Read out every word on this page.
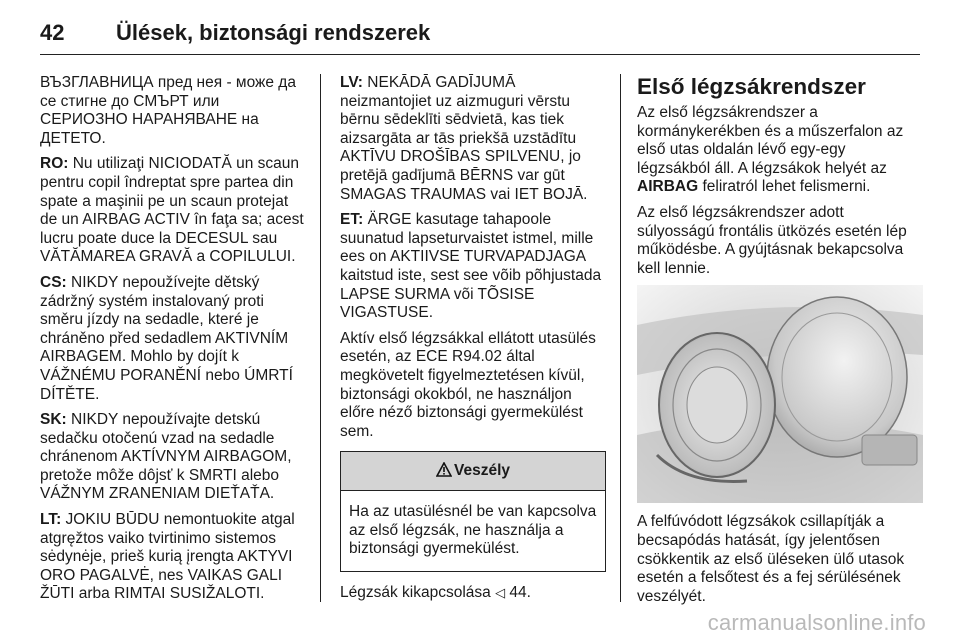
42 Ülések, biztonsági rendszerek

ВЪЗГЛАВНИЦА пред нея - може да се стигне до СМЪРТ или СЕРИОЗНО НАРАНЯВАНЕ на ДЕТЕТО.

RO: Nu utilizaţi NICIODATĂ un scaun pentru copil îndreptat spre partea din spate a maşinii pe un scaun protejat de un AIRBAG ACTIV în faţa sa; acest lucru poate duce la DECESUL sau VĂTĂMAREA GRAVĂ a COPILULUI.

CS: NIKDY nepoužívejte dětský zádržný systém instalovaný proti směru jízdy na sedadle, které je chráněno před sedadlem AKTIVNÍM AIRBAGEM. Mohlo by dojít k VÁŽNÉMU PORANĚNÍ nebo ÚMRTÍ DÍTĚTE.

SK: NIKDY nepoužívajte detskú sedačku otočenú vzad na sedadle chránenom AKTÍVNYM AIRBAGOM, pretože môže dôjsť k SMRTI alebo VÁŽNYM ZRANENIAM DIEŤAŤA.

LT: JOKIU BŪDU nemontuokite atgal atgręžtos vaiko tvirtinimo sistemos sėdynėje, prieš kurią įrengta AKTYVI ORO PAGALVĖ, nes VAIKAS GALI ŽŪTI arba RIMTAI SUSIŽALOTI.

LV: NEKĀDĀ GADĪJUMĀ neizmantojiet uz aizmuguri vērstu bērnu sēdeklīti sēdvietā, kas tiek aizsargāta ar tās priekšā uzstādītu AKTĪVU DROŠĪBAS SPILVENU, jo pretējā gadījumā BĒRNS var gūt SMAGAS TRAUMAS vai IET BOJĀ.

ET: ÄRGE kasutage tahapoole suunatud lapseturvaistet istmel, mille ees on AKTIIVSE TURVAPADJAGA kaitstud iste, sest see võib põhjustada LAPSE SURMA või TÕSISE VIGASTUSE.

Aktív első légzsákkal ellátott utasülés esetén, az ECE R94.02 által megkövetelt figyelmeztetésen kívül, biztonsági okokból, ne használjon előre néző biztonsági gyermekülést sem.

Veszély
Ha az utasülésnél be van kapcsolva az első légzsák, ne használja a biztonsági gyermekülést.

Légzsák kikapcsolása ◁ 44.

Első légzsákrendszer

Az első légzsákrendszer a kormánykerékben és a műszerfalon az első utas oldalán lévő egy-egy légzsákból áll. A légzsákok helyét az AIRBAG feliratról lehet felismerni.

Az első légzsákrendszer adott súlyosságú frontális ütközés esetén lép működésbe. A gyújtásnak bekapcsolva kell lennie.

A felfúvódott légzsákok csillapítják a becsapódás hatását, így jelentősen csökkentik az első üléseken ülő utasok esetén a felsőtest és a fej sérülésének veszélyét.

carmanualsonline.info
